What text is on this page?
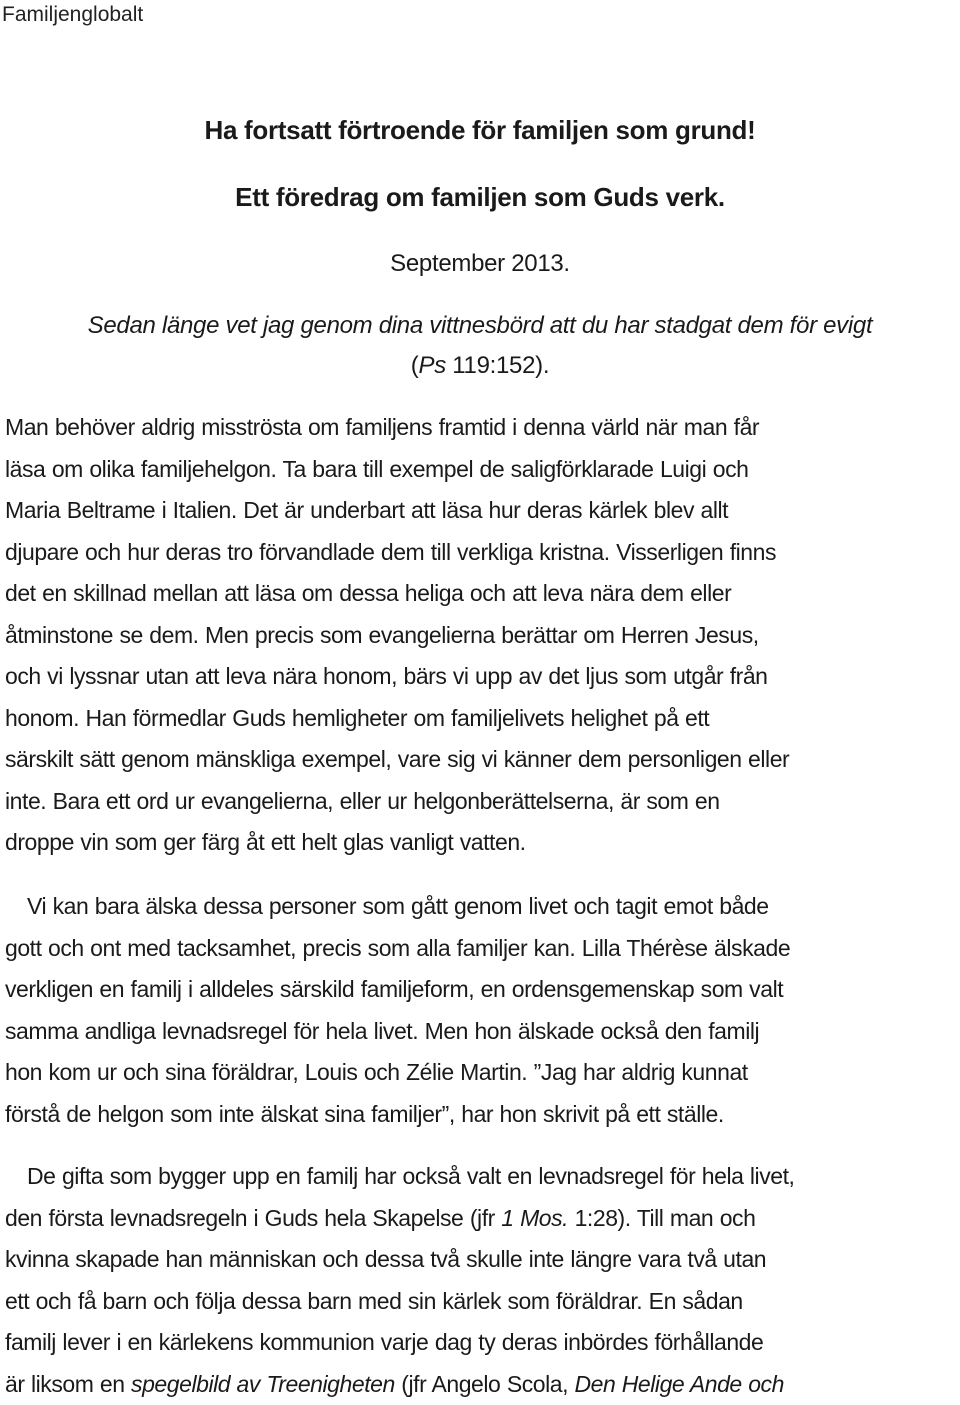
Familjenglobalt
Ha fortsatt förtroende för familjen som grund!
Ett föredrag om familjen som Guds verk.
September 2013.
Sedan länge vet jag genom dina vittnesbörd att du har stadgat dem för evigt
(Ps 119:152).
Man behöver aldrig misströsta om familjens framtid i denna värld när man får
läsa om olika familjehelgon. Ta bara till exempel de saligförklarade Luigi och
Maria Beltrame i Italien. Det är underbart att läsa hur deras kärlek blev allt
djupare och hur deras tro förvandlade dem till verkliga kristna. Visserligen finns
det en skillnad mellan att läsa om dessa heliga och att leva nära dem eller
åtminstone se dem. Men precis som evangelierna berättar om Herren Jesus,
och vi lyssnar utan att leva nära honom, bärs vi upp av det ljus som utgår från
honom. Han förmedlar Guds hemligheter om familjelivets helighet på ett
särskilt sätt genom mänskliga exempel, vare sig vi känner dem personligen eller
inte. Bara ett ord ur evangelierna, eller ur helgonberättelserna, är som en
droppe vin som ger färg åt ett helt glas vanligt vatten.
Vi kan bara älska dessa personer som gått genom livet och tagit emot både
gott och ont med tacksamhet, precis som alla familjer kan. Lilla Thérèse älskade
verkligen en familj i alldeles särskild familjeform, en ordensgemenskap som valt
samma andliga levnadsregel för hela livet. Men hon älskade också den familj
hon kom ur och sina föräldrar, Louis och Zélie Martin. ”Jag har aldrig kunnat
förstå de helgon som inte älskat sina familjer”, har hon skrivit på ett ställe.
De gifta som bygger upp en familj har också valt en levnadsregel för hela livet,
den första levnadsregeln i Guds hela Skapelse (jfr 1 Mos. 1:28). Till man och
kvinna skapade han människan och dessa två skulle inte längre vara två utan
ett och få barn och följa dessa barn med sin kärlek som föräldrar. En sådan
familj lever i en kärlekens kommunion varje dag ty deras inbördes förhållande
är liksom en spegelbild av Treenigheten (jfr Angelo Scola, Den Helige Ande och
